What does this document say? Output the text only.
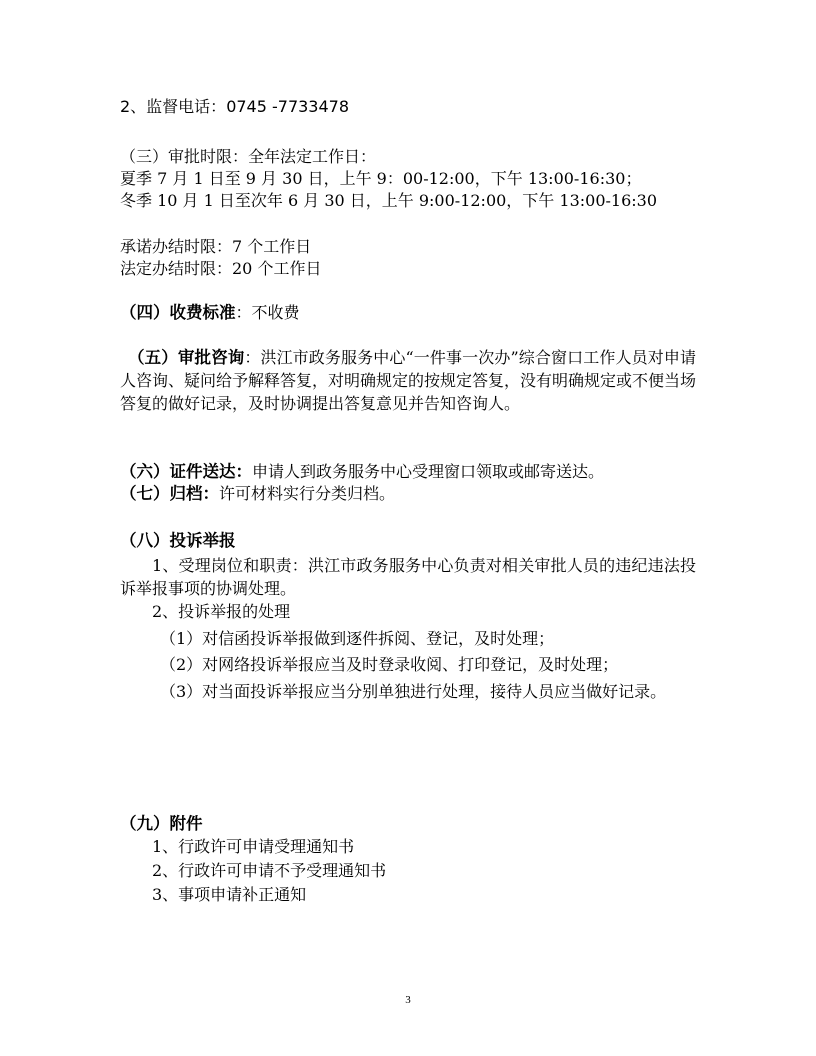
2、监督电话：0745 -7733478
（三）审批时限：全年法定工作日：
夏季 7 月 1 日至 9 月 30 日，上午 9：00-12:00，下午 13:00-16:30；
冬季 10 月 1 日至次年 6 月 30 日，上午 9:00-12:00，下午 13:00-16:30
承诺办结时限：7 个工作日
法定办结时限：20 个工作日
（四）收费标准：不收费
（五）审批咨询：洪江市政务服务中心“一件事一次办”综合窗口工作人员对申请人咨询、疑问给予解释答复，对明确规定的按规定答复，没有明确规定或不便当场答复的做好记录，及时协调提出答复意见并告知咨询人。
（六）证件送达：申请人到政务服务中心受理窗口领取或邮寄送达。
（七）归档：许可材料实行分类归档。
（八）投诉举报
1、受理岗位和职责：洪江市政务服务中心负责对相关审批人员的违纪违法投诉举报事项的协调处理。
2、投诉举报的处理
（1）对信函投诉举报做到逐件拆阅、登记，及时处理；
（2）对网络投诉举报应当及时登录收阅、打印登记，及时处理；
（3）对当面投诉举报应当分别单独进行处理，接待人员应当做好记录。
（九）附件
1、行政许可申请受理通知书
2、行政许可申请不予受理通知书
3、事项申请补正通知
3
